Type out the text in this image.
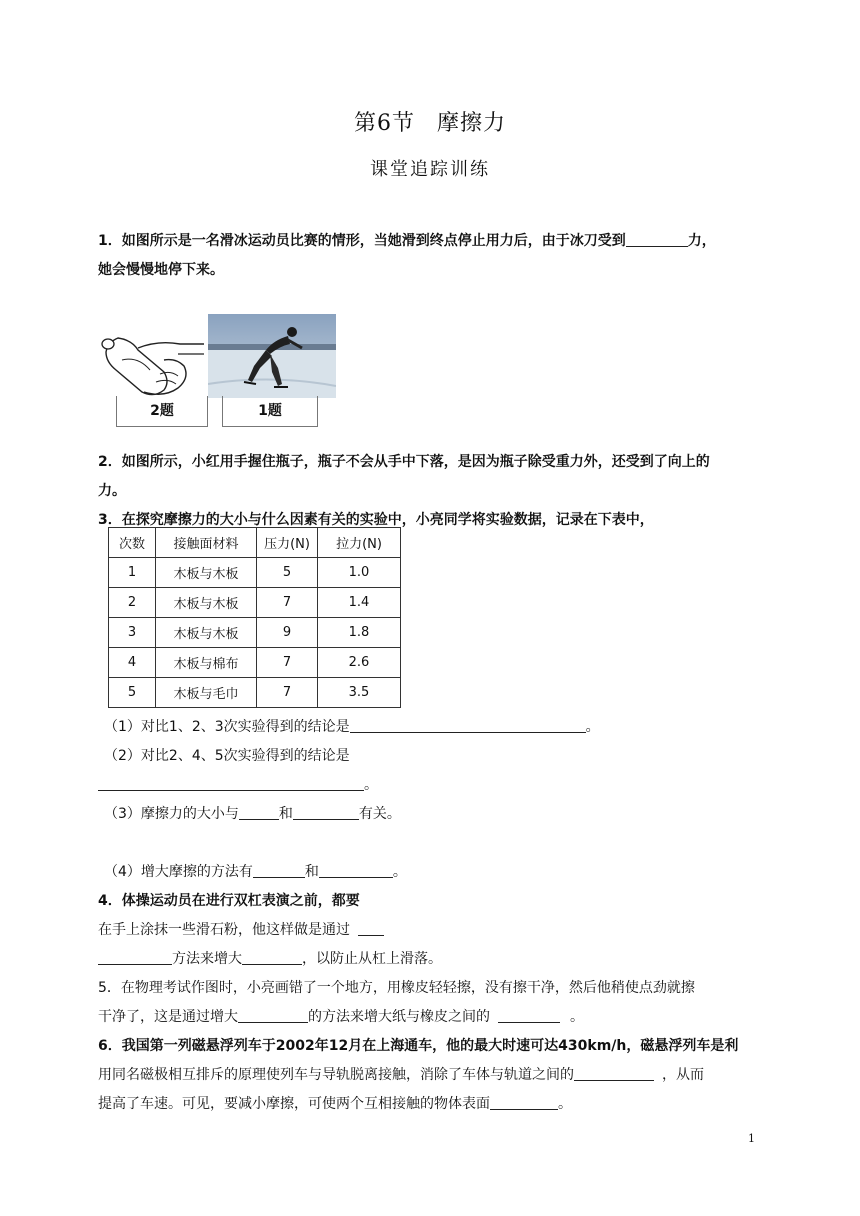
第6节 摩擦力
课堂追踪训练
1．如图所示是一名滑冰运动员比赛的情形，当她滑到终点停止用力后，由于冰刀受到	力，
她会慢慢地停下来。
2题	1题
2．如图所示，小红用手握住瓶子，瓶子不会从手中下落，是因为瓶子除受重力外，还受到了向上的
力。
3．在探究摩擦力的大小与什么因素有关的实验中，小亮同学将实验数据，记录在下表中，
次数	接触面材料	压力(N)	拉力(N)
1	木板与木板	5	1.0
2	木板与木板	7	1.4
3	木板与木板	9	1.8
4	木板与棉布	7	2.6
5	木板与毛巾	7	3.5
（1）对比1、2、3次实验得到的结论是	。
（2）对比2、4、5次实验得到的结论是
。
（3）摩擦力的大小与	和	有关。
（4）增大摩擦的方法有	和	。
4．体操运动员在进行双杠表演之前，都要
在手上涂抹一些滑石粉，他这样做是通过
方法来增大	，以防止从杠上滑落。
5．在物理考试作图时，小亮画错了一个地方，用橡皮轻轻擦，没有擦干净，然后他稍使点劲就擦
干净了，这是通过增大	的方法来增大纸与橡皮之间的	。
6．我国第一列磁悬浮列车于2002年12月在上海通车，他的最大时速可达430km/h，磁悬浮列车是利
用同名磁极相互排斥的原理使列车与导轨脱离接触，消除了车体与轨道之间的	，从而
提高了车速。可见，要减小摩擦，可使两个互相接触的物体表面	。
1
